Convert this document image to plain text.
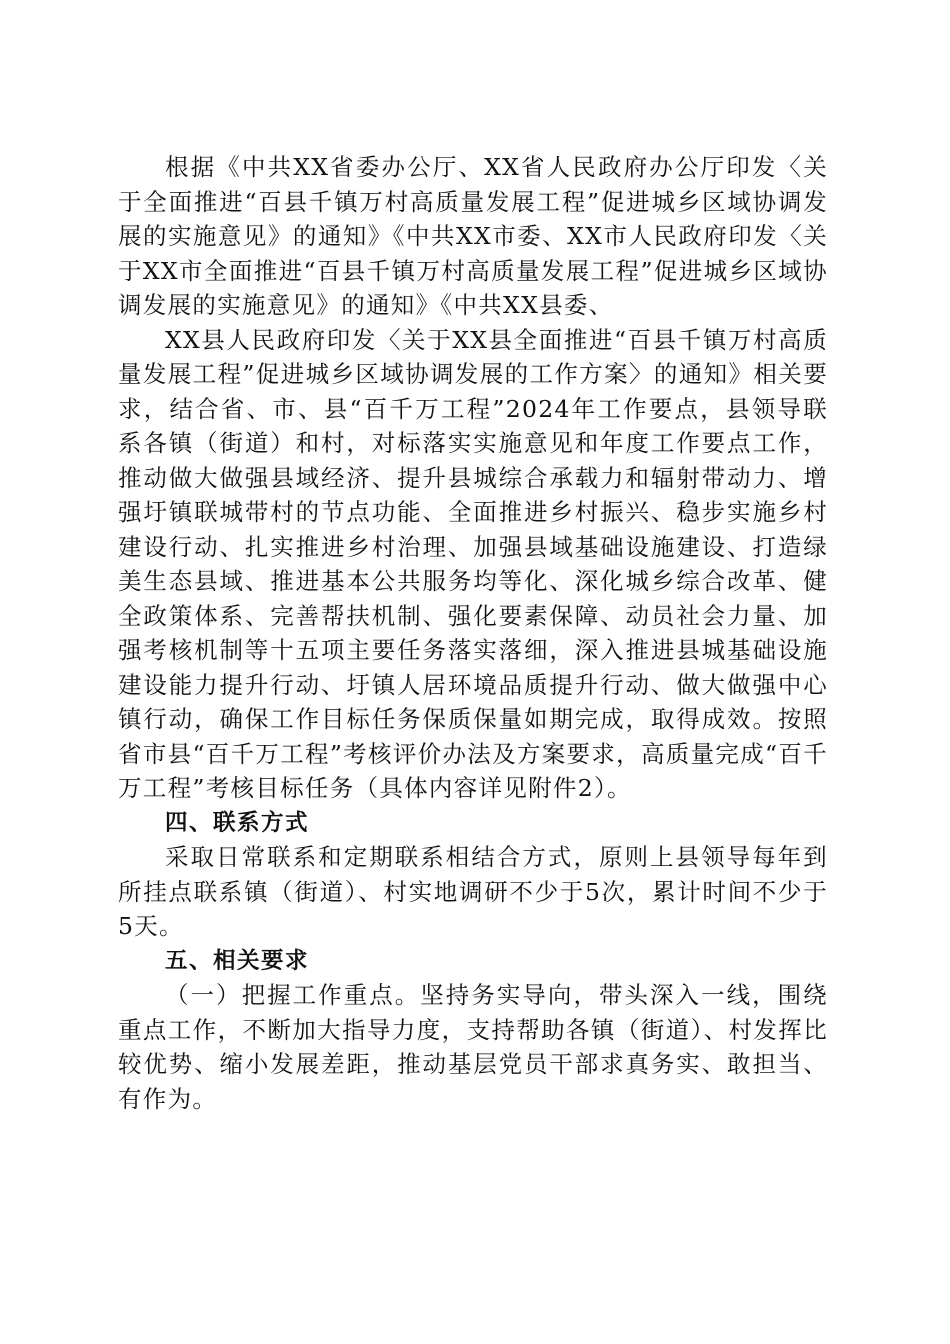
根据《中共XX省委办公厅、XX省人民政府办公厅印发〈关于全面推进“百县千镇万村高质量发展工程”促进城乡区域协调发展的实施意见》的通知》《中共XX市委、XX市人民政府印发〈关于XX市全面推进“百县千镇万村高质量发展工程”促进城乡区域协调发展的实施意见》的通知》《中共XX县委、

XX县人民政府印发〈关于XX县全面推进“百县千镇万村高质量发展工程”促进城乡区域协调发展的工作方案〉的通知》相关要求，结合省、市、县“百千万工程”2024年工作要点，县领导联系各镇（街道）和村，对标落实实施意见和年度工作要点工作，推动做大做强县域经济、提升县城综合承载力和辐射带动力、增强圩镇联城带村的节点功能、全面推进乡村振兴、稳步实施乡村建设行动、扎实推进乡村治理、加强县域基础设施建设、打造绿美生态县域、推进基本公共服务均等化、深化城乡综合改革、健全政策体系、完善帮扶机制、强化要素保障、动员社会力量、加强考核机制等十五项主要任务落实落细，深入推进县城基础设施建设能力提升行动、圩镇人居环境品质提升行动、做大做强中心镇行动，确保工作目标任务保质保量如期完成，取得成效。按照省市县“百千万工程”考核评价办法及方案要求，高质量完成“百千万工程”考核目标任务（具体内容详见附件2）。

四、联系方式

采取日常联系和定期联系相结合方式，原则上县领导每年到所挂点联系镇（街道）、村实地调研不少于5次，累计时间不少于5天。

五、相关要求

（一）把握工作重点。坚持务实导向，带头深入一线，围绕重点工作，不断加大指导力度，支持帮助各镇（街道）、村发挥比较优势、缩小发展差距，推动基层党员干部求真务实、敢担当、有作为。
